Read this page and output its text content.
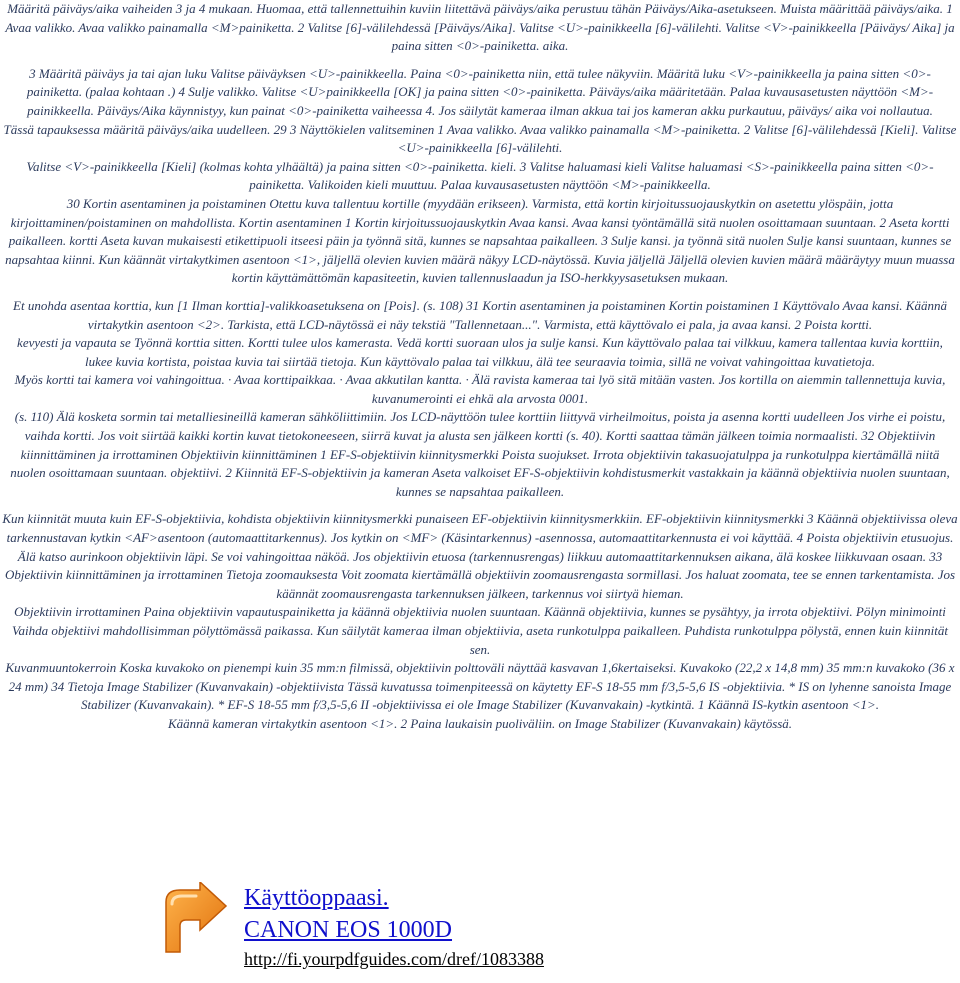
Määritä päiväys/aika vaiheiden 3 ja 4 mukaan. Huomaa, että tallennettuihin kuviin liitettävä päiväys/aika perustuu tähän Päiväys/Aika-asetukseen. Muista määrittää päiväys/aika. 1 Avaa valikko. Avaa valikko painamalla <M>painiketta. 2 Valitse [6]-välilehdessä [Päiväys/Aika]. Valitse <U>-painikkeella [6]-välilehti. Valitse <V>-painikkeella [Päiväys/ Aika] ja paina sitten <0>-painiketta. aika.

3 Määritä päiväys ja tai ajan luku Valitse päiväyksen <U>-painikkeella. Paina <0>-painiketta niin, että tulee näkyviin. Määritä luku <V>-painikkeella ja paina sitten <0>-painiketta. (palaa kohtaan .) 4 Sulje valikko. Valitse <U>painikkeella [OK] ja paina sitten <0>-painiketta. Päiväys/aika määritetään. Palaa kuvausasetusten näyttöön <M>-painikkeella. Päiväys/Aika käynnistyy, kun painat <0>-painiketta vaiheessa 4. Jos säilytät kameraa ilman akkua tai jos kameran akku purkautuu, päiväys/ aika voi nollautua.

Tässä tapauksessa määritä päiväys/aika uudelleen. 29 3 Näyttökielen valitseminen 1 Avaa valikko. Avaa valikko painamalla <M>-painiketta. 2 Valitse [6]-välilehdessä [Kieli]. Valitse <U>-painikkeella [6]-välilehti.

Valitse <V>-painikkeella [Kieli] (kolmas kohta ylhäältä) ja paina sitten <0>-painiketta. kieli. 3 Valitse haluamasi kieli Valitse haluamasi <S>-painikkeella paina sitten <0>-painiketta. Valikoiden kieli muuttuu. Palaa kuvausasetusten näyttöön <M>-painikkeella.

30 Kortin asentaminen ja poistaminen Otettu kuva tallentuu kortille (myydään erikseen). Varmista, että kortin kirjoitussuojauskytkin on asetettu ylöspäin, jotta kirjoittaminen/poistaminen on mahdollista. Kortin asentaminen 1 Kortin kirjoitussuojauskytkin Avaa kansi. Avaa kansi työntämällä sitä nuolen osoittamaan suuntaan. 2 Aseta kortti paikalleen. kortti Aseta kuvan mukaisesti etikettipuoli itseesi päin ja työnnä sitä, kunnes se napsahtaa paikalleen. 3 Sulje kansi. ja työnnä sitä nuolen Sulje kansi suuntaan, kunnes se napsahtaa kiinni. Kun käännät virtakytkimen asentoon <1>, jäljellä olevien kuvien määrä näkyy LCD-näytössä. Kuvia jäljellä Jäljellä olevien kuvien määrä määräytyy muun muassa kortin käyttämättömän kapasiteetin, kuvien tallennuslaadun ja ISO-herkkyysasetuksen mukaan.

Et unohda asentaa korttia, kun [1 Ilman korttia]-valikkoasetuksena on [Pois]. (s. 108) 31 Kortin asentaminen ja poistaminen Kortin poistaminen 1 Käyttövalo Avaa kansi. Käännä virtakytkin asentoon <2>. Tarkista, että LCD-näytössä ei näy tekstiä "Tallennetaan...". Varmista, että käyttövalo ei pala, ja avaa kansi. 2 Poista kortti.

kevyesti ja vapauta se Työnnä korttia sitten. Kortti tulee ulos kamerasta. Vedä kortti suoraan ulos ja sulje kansi. Kun käyttövalo palaa tai vilkkuu, kamera tallentaa kuvia korttiin, lukee kuvia kortista, poistaa kuvia tai siirtää tietoja. Kun käyttövalo palaa tai vilkkuu, älä tee seuraavia toimia, sillä ne voivat vahingoittaa kuvatietoja.

Myös kortti tai kamera voi vahingoittua. · Avaa korttipaikkaa. · Avaa akkutilan kantta. · Älä ravista kameraa tai lyö sitä mitään vasten. Jos kortilla on aiemmin tallennettuja kuvia, kuvanumerointi ei ehkä ala arvosta 0001.

(s. 110) Älä kosketa sormin tai metalliesineillä kameran sähköliittimiin. Jos LCD-näyttöön tulee korttiin liittyvä virheilmoitus, poista ja asenna kortti uudelleen Jos virhe ei poistu, vaihda kortti. Jos voit siirtää kaikki kortin kuvat tietokoneeseen, siirrä kuvat ja alusta sen jälkeen kortti (s. 40). Kortti saattaa tämän jälkeen toimia normaalisti. 32 Objektiivin kiinnittäminen ja irrottaminen Objektiivin kiinnittäminen 1 EF-S-objektiivin kiinnitysmerkki Poista suojukset. Irrota objektiivin takasuojatulppa ja runkotulppa kiertämällä niitä nuolen osoittamaan suuntaan. objektiivi. 2 Kiinnitä EF-S-objektiivin ja kameran Aseta valkoiset EF-S-objektiivin kohdistusmerkit vastakkain ja käännä objektiivia nuolen suuntaan, kunnes se napsahtaa paikalleen.

Kun kiinnität muuta kuin EF-S-objektiivia, kohdista objektiivin kiinnitysmerkki punaiseen EF-objektiivin kiinnitysmerkkiin. EF-objektiivin kiinnitysmerkki 3 Käännä objektiivissa oleva tarkennustavan kytkin <AF>asentoon (automaattitarkennus). Jos kytkin on <MF> (Käsintarkennus) -asennossa, automaattitarkennusta ei voi käyttää. 4 Poista objektiivin etusuojus. Älä katso aurinkoon objektiivin läpi. Se voi vahingoittaa näköä. Jos objektiivin etuosa (tarkennusrengas) liikkuu automaattitarkennuksen aikana, älä koskee liikkuvaan osaan. 33 Objektiivin kiinnittäminen ja irrottaminen Tietoja zoomauksesta Voit zoomata kiertämällä objektiivin zoomausrengasta sormillasi. Jos haluat zoomata, tee se ennen tarkentamista. Jos käännät zoomausrengasta tarkennuksen jälkeen, tarkennus voi siirtyä hieman.

Objektiivin irrottaminen Paina objektiivin vapautuspainiketta ja käännä objektiivia nuolen suuntaan. Käännä objektiivia, kunnes se pysähtyy, ja irrota objektiivi. Pölyn minimointi Vaihda objektiivi mahdollisimman pölyttömässä paikassa. Kun säilytät kameraa ilman objektiivia, aseta runkotulppa paikalleen. Puhdista runkotulppa pölystä, ennen kuin kiinnität sen.

Kuvanmuuntokerroin Koska kuvakoko on pienempi kuin 35 mm:n filmissä, objektiivin polttoväli näyttää kasvavan 1,6kertaiseksi. Kuvakoko (22,2 x 14,8 mm) 35 mm:n kuvakoko (36 x 24 mm) 34 Tietoja Image Stabilizer (Kuvanvakain) -objektiivista Tässä kuvatussa toimenpiteessä on käytetty EF-S 18-55 mm f/3,5-5,6 IS -objektiivia. * IS on lyhenne sanoista Image Stabilizer (Kuvanvakain). * EF-S 18-55 mm f/3,5-5,6 II -objektiivissa ei ole Image Stabilizer (Kuvanvakain) -kytkintä. 1 Käännä IS-kytkin asentoon <1>.

Käännä kameran virtakytkin asentoon <1>. 2 Paina laukaisin puoliväliin. on Image Stabilizer (Kuvanvakain) käytössä.

Käyttöoppaasi.
CANON EOS 1000D
http://fi.yourpdfguides.com/dref/1083388
